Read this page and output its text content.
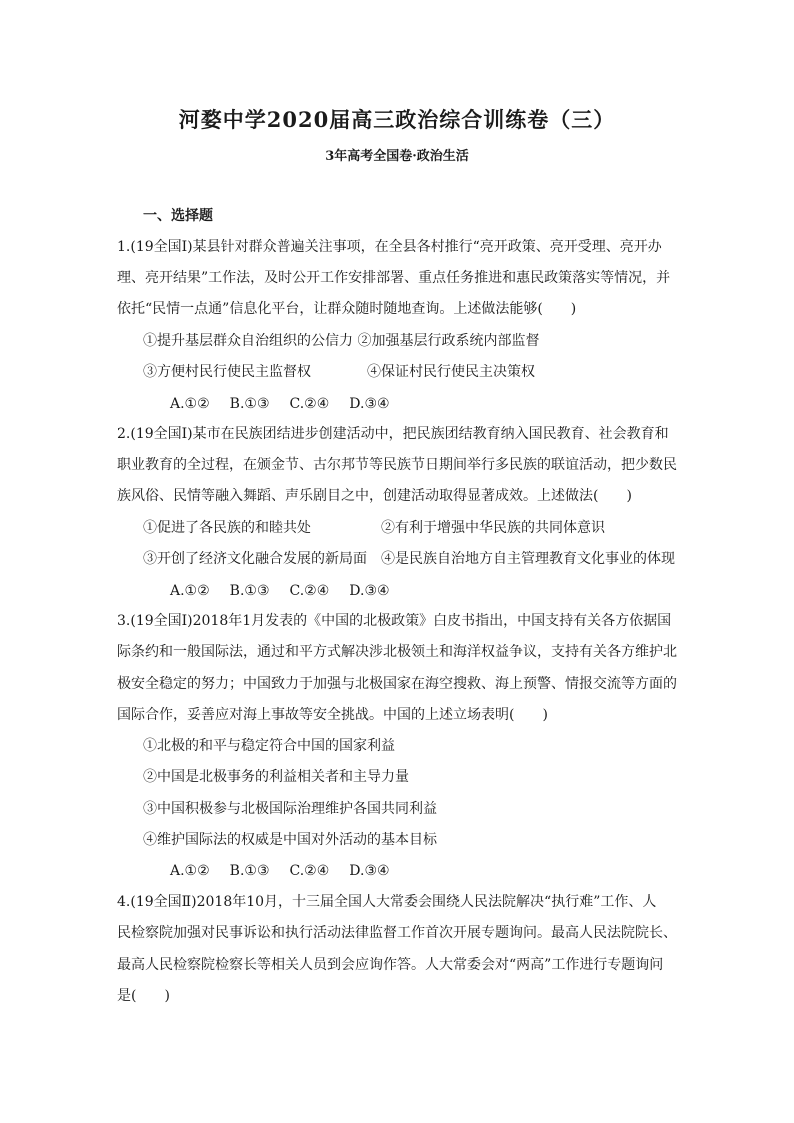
河婺中学2020届高三政治综合训练卷（三）
3年高考全国卷·政治生活
一、选择题
1.(19全国Ⅰ)某县针对群众普遍关注事项，在全县各村推行“亮开政策、亮开受理、亮开办
理、亮开结果”工作法，及时公开工作安排部署、重点任务推进和惠民政策落实等情况，并
依托“民情一点通”信息化平台，让群众随时随地查询。上述做法能够(　　)
①提升基层群众自治组织的公信力 ②加强基层行政系统内部监督
③方便村民行使民主监督权　　　　④保证村民行使民主决策权
A.①② B.①③ C.②④ D.③④
2.(19全国Ⅰ)某市在民族团结进步创建活动中，把民族团结教育纳入国民教育、社会教育和
职业教育的全过程，在颁金节、古尔邦节等民族节日期间举行多民族的联谊活动，把少数民
族风俗、民情等融入舞蹈、声乐剧目之中，创建活动取得显著成效。上述做法(　　)
①促进了各民族的和睦共处　　　　　②有利于增强中华民族的共同体意识
③开创了经济文化融合发展的新局面　④是民族自治地方自主管理教育文化事业的体现
A.①② B.①③ C.②④ D.③④
3.(19全国Ⅰ)2018年1月发表的《中国的北极政策》白皮书指出，中国支持有关各方依据国
际条约和一般国际法，通过和平方式解决涉北极领土和海洋权益争议，支持有关各方维护北
极安全稳定的努力；中国致力于加强与北极国家在海空搜救、海上预警、情报交流等方面的
国际合作，妥善应对海上事故等安全挑战。中国的上述立场表明(　　)
①北极的和平与稳定符合中国的国家利益
②中国是北极事务的利益相关者和主导力量
③中国积极参与北极国际治理维护各国共同利益
④维护国际法的权威是中国对外活动的基本目标
A.①② B.①③ C.②④ D.③④
4.(19全国Ⅱ)2018年10月，十三届全国人大常委会围绕人民法院解决“执行难”工作、人
民检察院加强对民事诉讼和执行活动法律监督工作首次开展专题询问。最高人民法院院长、
最高人民检察院检察长等相关人员到会应询作答。人大常委会对“两高”工作进行专题询问
是(　　)
